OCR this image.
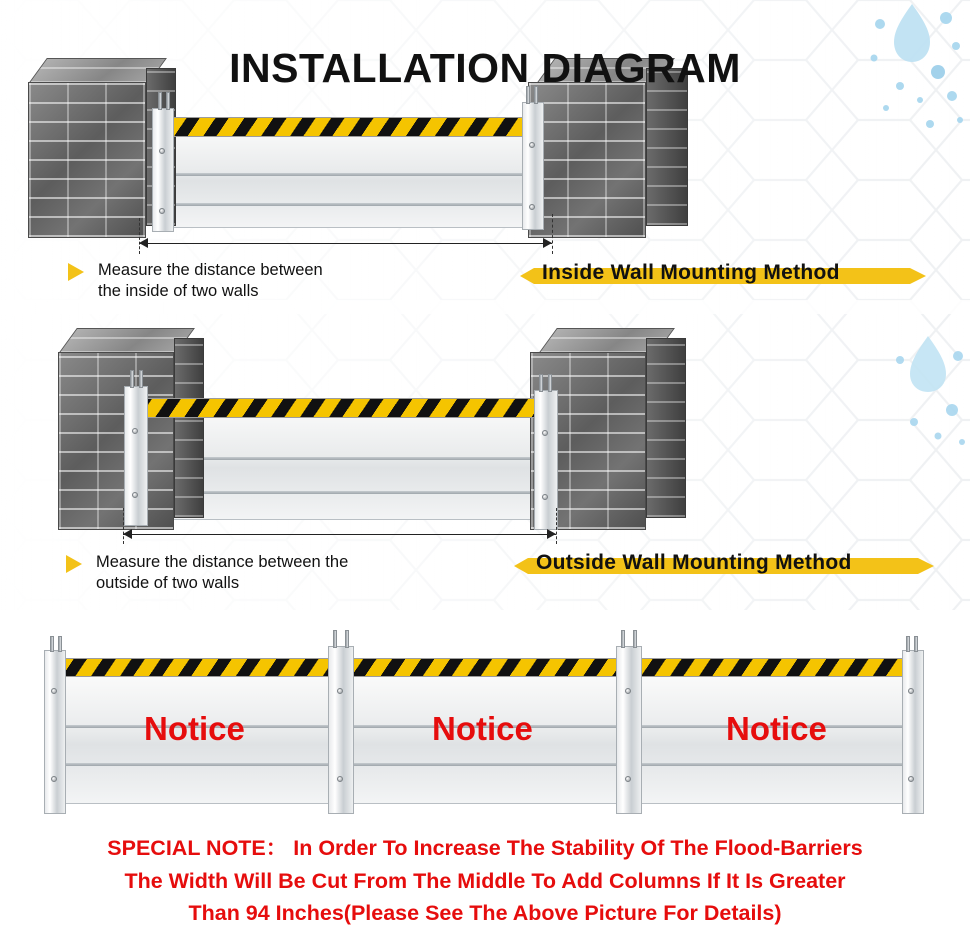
INSTALLATION DIAGRAM
Measure the distance between
the inside of two walls
Inside Wall Mounting Method
Measure the distance between the
outside of two walls
Outside Wall Mounting Method
Notice	Notice	Notice
SPECIAL NOTE： In Order To Increase The Stability Of The Flood-Barriers
The Width Will Be Cut From The Middle To Add Columns If It Is Greater
Than 94 Inches(Please See The Above Picture For Details)
